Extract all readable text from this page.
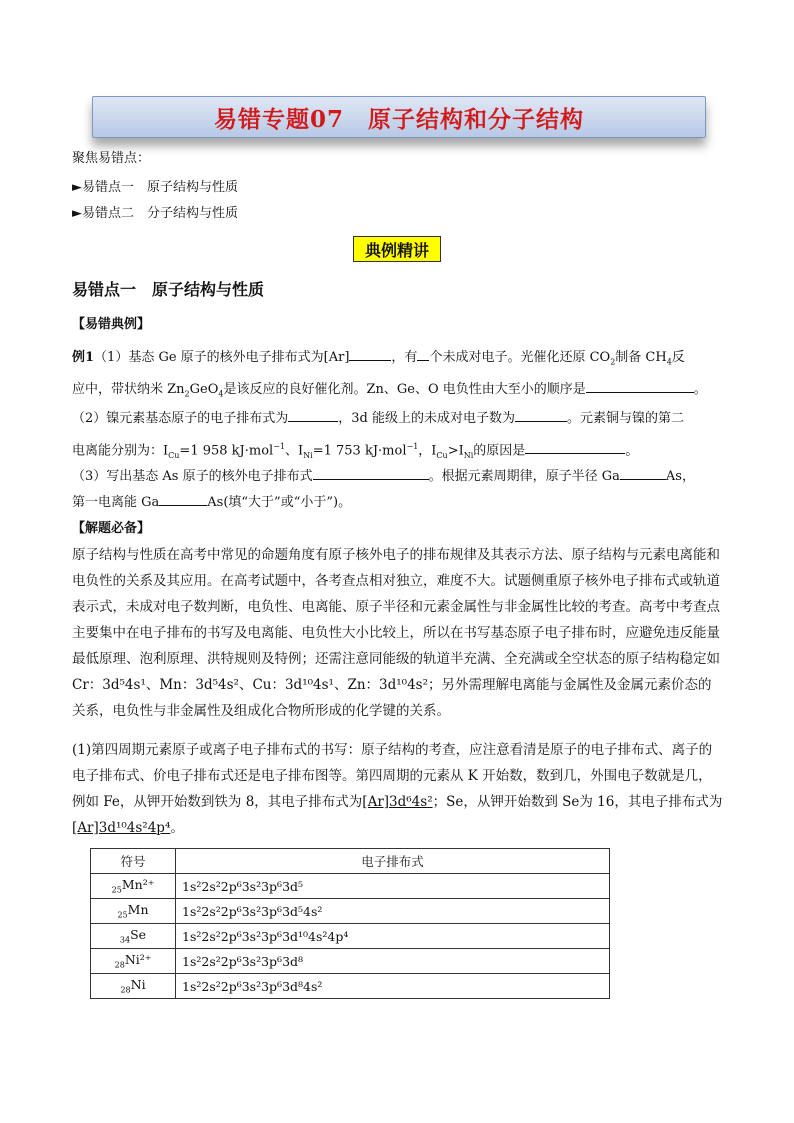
易错专题07　原子结构和分子结构
聚焦易错点：
►易错点一　原子结构与性质
►易错点二　分子结构与性质
典例精讲
易错点一　原子结构与性质
【易错典例】
例1（1）基态 Ge 原子的核外电子排布式为[Ar]	，有 个未成对电子。光催化还原 $CO_2$制备 $CH_4$反
应中，带状纳米 $Zn_2GeO_4$是该反应的良好催化剂。Zn、Ge、O 电负性由大至小的顺序是	。
（2）镍元素基态原子的电子排布式为	，3d 能级上的未成对电子数为	。元素铜与镍的第二
电离能分别为：$I_{Cu}=1$ 958 kJ·mol$^{-1}$、$I_{Ni}=1$ 753 kJ·mol$^{-1}$，$I_{Cu}>I_{Ni}$的原因是	。
（3）写出基态 As 原子的核外电子排布式	。根据元素周期律，原子半径 Ga	As，
第一电离能 Ga	As(填“大于”或“小于”)。
【解题必备】
原子结构与性质在高考中常见的命题角度有原子核外电子的排布规律及其表示方法、原子结构与元素电离能和电负性的关系及其应用。在高考试题中，各考查点相对独立，难度不大。试题侧重原子核外电子排布式或轨道表示式，未成对电子数判断，电负性、电离能、原子半径和元素金属性与非金属性比较的考查。高考中考查点主要集中在电子排布的书写及电离能、电负性大小比较上，所以在书写基态原子电子排布时，应避免违反能量最低原理、泡利原理、洪特规则及特例；还需注意同能级的轨道半充满、全充满或全空状态的原子结构稳定如 Cr：3d⁵4s¹、Mn：3d⁵4s²、Cu：3d¹⁰4s¹、Zn：3d¹⁰4s²；另外需理解电离能与金属性及金属元素价态的关系，电负性与非金属性及组成化合物所形成的化学键的关系。
(1)第四周期元素原子或离子电子排布式的书写：原子结构的考查，应注意看清是原子的电子排布式、离子的电子排布式、价电子排布式还是电子排布图等。第四周期的元素从 K 开始数，数到几，外围电子数就是几，例如 Fe，从钾开始数到铁为 8，其电子排布式为[Ar]3d⁶4s²；Se，从钾开始数到 Se为 16，其电子排布式为[Ar]3d¹⁰4s²4p⁴。
符号	电子排布式
$_{25}$Mn²⁺	1s²2s²2p⁶3s²3p⁶3d⁵
$_{25}$Mn	1s²2s²2p⁶3s²3p⁶3d⁵4s²
$_{34}$Se	1s²2s²2p⁶3s²3p⁶3d¹⁰4s²4p⁴
$_{28}$Ni²⁺	1s²2s²2p⁶3s²3p⁶3d⁸
$_{28}$Ni	1s²2s²2p⁶3s²3p⁶3d⁸4s²
